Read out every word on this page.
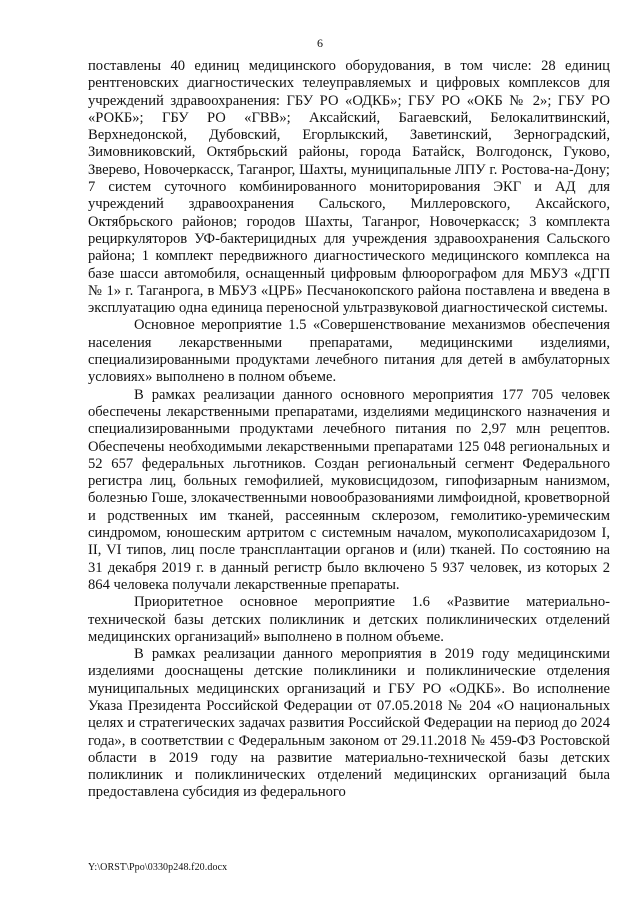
6

поставлены 40 единиц медицинского оборудования, в том числе: 28 единиц рентгеновских диагностических телеуправляемых и цифровых комплексов для учреждений здравоохранения: ГБУ РО «ОДКБ»; ГБУ РО «ОКБ № 2»; ГБУ РО «РОКБ»; ГБУ РО «ГВВ»; Аксайский, Багаевский, Белокалитвинский, Верхнедонской, Дубовский, Егорлыкский, Заветинский, Зерноградский, Зимовниковский, Октябрьский районы, города Батайск, Волгодонск, Гуково, Зверево, Новочеркасск, Таганрог, Шахты, муниципальные ЛПУ г. Ростова-на-Дону; 7 систем суточного комбинированного мониторирования ЭКГ и АД для учреждений здравоохранения Сальского, Миллеровского, Аксайского, Октябрьского районов; городов Шахты, Таганрог, Новочеркасск; 3 комплекта рециркуляторов УФ-бактерицидных для учреждения здравоохранения Сальского района; 1 комплект передвижного диагностического медицинского комплекса на базе шасси автомобиля, оснащенный цифровым флюорографом для МБУЗ «ДГП № 1» г. Таганрога, в МБУЗ «ЦРБ» Песчанокопского района поставлена и введена в эксплуатацию одна единица переносной ультразвуковой диагностической системы.

Основное мероприятие 1.5 «Совершенствование механизмов обеспечения населения лекарственными препаратами, медицинскими изделиями, специализированными продуктами лечебного питания для детей в амбулаторных условиях» выполнено в полном объеме.

В рамках реализации данного основного мероприятия 177 705 человек обеспечены лекарственными препаратами, изделиями медицинского назначения и специализированными продуктами лечебного питания по 2,97 млн рецептов. Обеспечены необходимыми лекарственными препаратами 125 048 региональных и 52 657 федеральных льготников. Создан региональный сегмент Федерального регистра лиц, больных гемофилией, муковисцидозом, гипофизарным нанизмом, болезнью Гоше, злокачественными новообразованиями лимфоидной, кроветворной и родственных им тканей, рассеянным склерозом, гемолитико-уремическим синдромом, юношеским артритом с системным началом, мукополисахаридозом I, II, VI типов, лиц после трансплантации органов и (или) тканей. По состоянию на 31 декабря 2019 г. в данный регистр было включено 5 937 человек, из которых 2 864 человека получали лекарственные препараты.

Приоритетное основное мероприятие 1.6 «Развитие материально-технической базы детских поликлиник и детских поликлинических отделений медицинских организаций» выполнено в полном объеме.

В рамках реализации данного мероприятия в 2019 году медицинскими изделиями дооснащены детские поликлиники и поликлинические отделения муниципальных медицинских организаций и ГБУ РО «ОДКБ». Во исполнение Указа Президента Российской Федерации от 07.05.2018 № 204 «О национальных целях и стратегических задачах развития Российской Федерации на период до 2024 года», в соответствии с Федеральным законом от 29.11.2018 № 459-ФЗ Ростовской области в 2019 году на развитие материально-технической базы детских поликлиник и поликлинических отделений медицинских организаций была предоставлена субсидия из федерального

Y:\ORST\Ppo\0330p248.f20.docx
